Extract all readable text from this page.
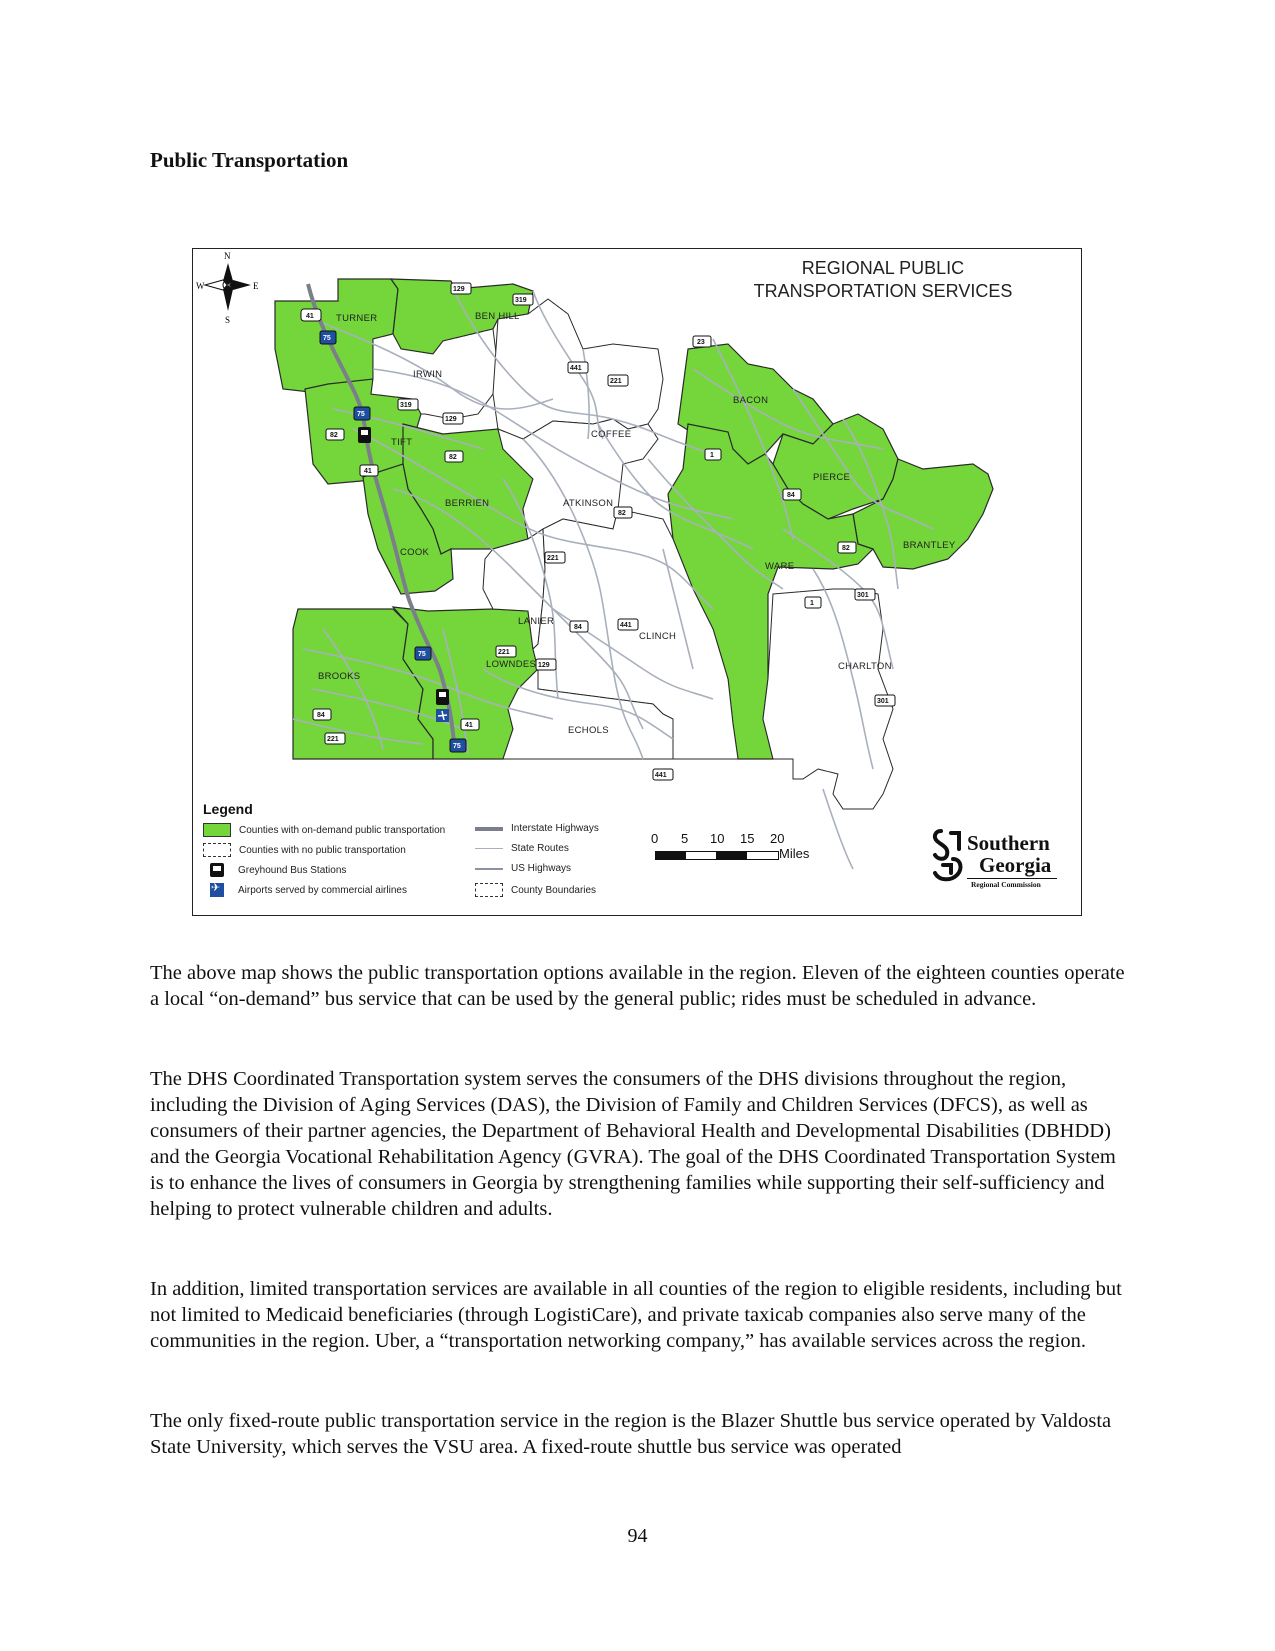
Public Transportation
TURNER	BEN HILL
IRWIN
TIFT
COFFEE
BACON
PIERCE
BERRIEN	ATKINSON
BRANTLEY
COOK
WARE
LANIER
CLINCH
CHARLTON
BROOKS
LOWNDES
ECHOLS
41
129
319
75
441
221
23
319
129
75
82
82
41
1
84
82
82
221
1
301
84	441
221
129
75
301
84
41
221
75
441
REGIONAL PUBLIC
TRANSPORTATION SERVICES
N
W	E
S
Legend
Counties with on-demand public transportation
Counties with no public transportation
Greyhound Bus Stations
✈
Airports served by commercial airlines
Interstate Highways
State Routes
US Highways
County Boundaries
0 5 10 15 20
Miles	Southern
Georgia
Regional Commission
The above map shows the public transportation options available in the region. Eleven of the eighteen counties operate a local “on-demand” bus service that can be used by the general public; rides must be scheduled in advance.
The DHS Coordinated Transportation system serves the consumers of the DHS divisions throughout the region, including the Division of Aging Services (DAS), the Division of Family and Children Services (DFCS), as well as consumers of their partner agencies, the Department of Behavioral Health and Developmental Disabilities (DBHDD) and the Georgia Vocational Rehabilitation Agency (GVRA). The goal of the DHS Coordinated Transportation System is to enhance the lives of consumers in Georgia by strengthening families while supporting their self-sufficiency and helping to protect vulnerable children and adults.
In addition, limited transportation services are available in all counties of the region to eligible residents, including but not limited to Medicaid beneficiaries (through LogistiCare), and private taxicab companies also serve many of the communities in the region. Uber, a “transportation networking company,” has available services across the region.
The only fixed-route public transportation service in the region is the Blazer Shuttle bus service operated by Valdosta State University, which serves the VSU area. A fixed-route shuttle bus service was operated
94
